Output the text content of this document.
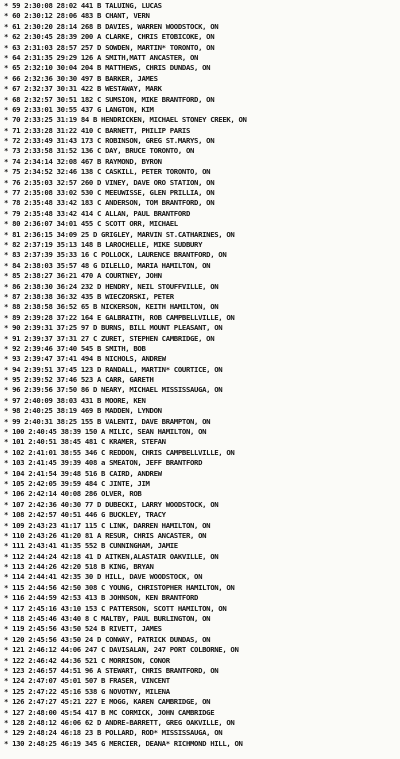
* 59 2:30:08 28:02 441 B TALUING, LUCAS
* 60 2:30:12 28:06 483 B CHANT, VERN
* 61 2:30:20 28:14 268 B DAVIES, WARREN WOODSTOCK, ON
* 62 2:30:45 28:39 200 A CLARKE, CHRIS ETOBICOKE, ON
* 63 2:31:03 28:57 257 D SOWDEN, MARTIN* TORONTO, ON
* 64 2:31:35 29:29 126 A SMITH,MATT ANCASTER, ON
* 65 2:32:10 30:04 204 B MATTHEWS, CHRIS DUNDAS, ON
* 66 2:32:36 30:30 497 B BARKER, JAMES
* 67 2:32:37 30:31 422 B WESTAWAY, MARK
* 68 2:32:57 30:51 182 C SUMSION, MIKE BRANTFORD, ON
* 69 2:33:01 30:55 437 G LANGTON, KIM
* 70 2:33:25 31:19 84 B HENDRICKEN, MICHAEL STONEY CREEK, ON
* 71 2:33:28 31:22 410 C BARNETT, PHILIP PARIS
* 72 2:33:49 31:43 173 C ROBINSON, GREG ST.MARYS, ON
* 73 2:33:58 31:52 136 C DAY, BRUCE TORONTO, ON
* 74 2:34:14 32:08 467 B RAYMOND, BYRON
* 75 2:34:52 32:46 138 C CASKILL, PETER TORONTO, ON
* 76 2:35:03 32:57 260 D VINEY, DAVE ORO STATION, ON
* 77 2:35:08 33:02 530 C MEEUWISSE, GLEN PRILLIA, ON
* 78 2:35:48 33:42 183 C ANDERSON, TOM BRANTFORD, ON
* 79 2:35:48 33:42 414 C ALLAN, PAUL BRANTFORD
* 80 2:36:07 34:01 455 C SCOTT ORR, MICHAEL
* 81 2:36:15 34:09 25 D GRIGLEY, MARVIN ST.CATHARINES, ON
* 82 2:37:19 35:13 148 B LAROCHELLE, MIKE SUDBURY
* 83 2:37:39 35:33 16 C POLLOCK, LAURENCE BRANTFORD, ON
* 84 2:38:03 35:57 48 G DILELLO, MARIA HAMILTON, ON
* 85 2:38:27 36:21 470 A COURTNEY, JOHN
* 86 2:38:30 36:24 232 D HENDRY, NEIL STOUFFVILLE, ON
* 87 2:38:38 36:32 435 B WIECZORSKI, PETER
* 88 2:38:58 36:52 65 B NICKERSON, KEITH HAMILTON, ON
* 89 2:39:28 37:22 164 E GALBRAITH, ROB CAMPBELLVILLE, ON
* 90 2:39:31 37:25 97 D BURNS, BILL MOUNT PLEASANT, ON
* 91 2:39:37 37:31 27 C ZURET, STEPHEN CAMBRIDGE, ON
* 92 2:39:46 37:40 545 B SMITH, BOB
* 93 2:39:47 37:41 494 B NICHOLS, ANDREW
* 94 2:39:51 37:45 123 D RANDALL, MARTIN* COURTICE, ON
* 95 2:39:52 37:46 523 A CARR, GARETH
* 96 2:39:56 37:50 86 D NEARY, MICHAEL MISSISSAUGA, ON
* 97 2:40:09 38:03 431 B MOORE, KEN
* 98 2:40:25 38:19 469 B MADDEN, LYNDON
* 99 2:40:31 38:25 155 B VALENTI, DAVE BRAMPTON, ON
* 100 2:40:45 38:39 150 A MILIC, SEAN HAMILTON, ON
* 101 2:40:51 38:45 481 C KRAMER, STEFAN
* 102 2:41:01 38:55 346 C REDDON, CHRIS CAMPBELLVILLE, ON
* 103 2:41:45 39:39 408 a SMEATON, JEFF BRANTFORD
* 104 2:41:54 39:48 516 B CAIRD, ANDREW
* 105 2:42:05 39:59 484 C JINTE, JIM
* 106 2:42:14 40:08 286 OLVER, ROB
* 107 2:42:36 40:30 77 D DUBECKI, LARRY WOODSTOCK, ON
* 108 2:42:57 40:51 446 G BUCKLEY, TRACY
* 109 2:43:23 41:17 115 C LINK, DARREN HAMILTON, ON
* 110 2:43:26 41:20 81 A RESUR, CHRIS ANCASTER, ON
* 111 2:43:41 41:35 552 B CUNNINGHAM, JAMIE
* 112 2:44:24 42:18 41 D AITKEN,ALASTAIR OAKVILLE, ON
* 113 2:44:26 42:20 518 B KING, BRYAN
* 114 2:44:41 42:35 30 D HILL, DAVE WOODSTOCK, ON
* 115 2:44:56 42:50 308 C YOUNG, CHRISTOPHER HAMILTON, ON
* 116 2:44:59 42:53 413 B JOHNSON, KEN BRANTFORD
* 117 2:45:16 43:10 153 C PATTERSON, SCOTT HAMILTON, ON
* 118 2:45:46 43:40 8 C MALTBY, PAUL BURLINGTON, ON
* 119 2:45:56 43:50 524 B RIVETT, JAMES
* 120 2:45:56 43:50 24 D CONWAY, PATRICK DUNDAS, ON
* 121 2:46:12 44:06 247 C DAVISALAN, 247 PORT COLBORNE, ON
* 122 2:46:42 44:36 521 C MORRISON, CONOR
* 123 2:46:57 44:51 96 A STEWART, CHRIS BRANTFORD, ON
* 124 2:47:07 45:01 507 B FRASER, VINCENT
* 125 2:47:22 45:16 538 G NOVOTNY, MILENA
* 126 2:47:27 45:21 227 E MOGG, KAREN CAMBRIDGE, ON
* 127 2:48:00 45:54 417 B MC CORMICK, JOHN CAMBRIDGE
* 128 2:48:12 46:06 62 D ANDRE-BARRETT, GREG OAKVILLE, ON
* 129 2:48:24 46:18 23 B POLLARD, ROD* MISSISSAUGA, ON
* 130 2:48:25 46:19 345 G MERCIER, DEANA* RICHMOND HILL, ON
